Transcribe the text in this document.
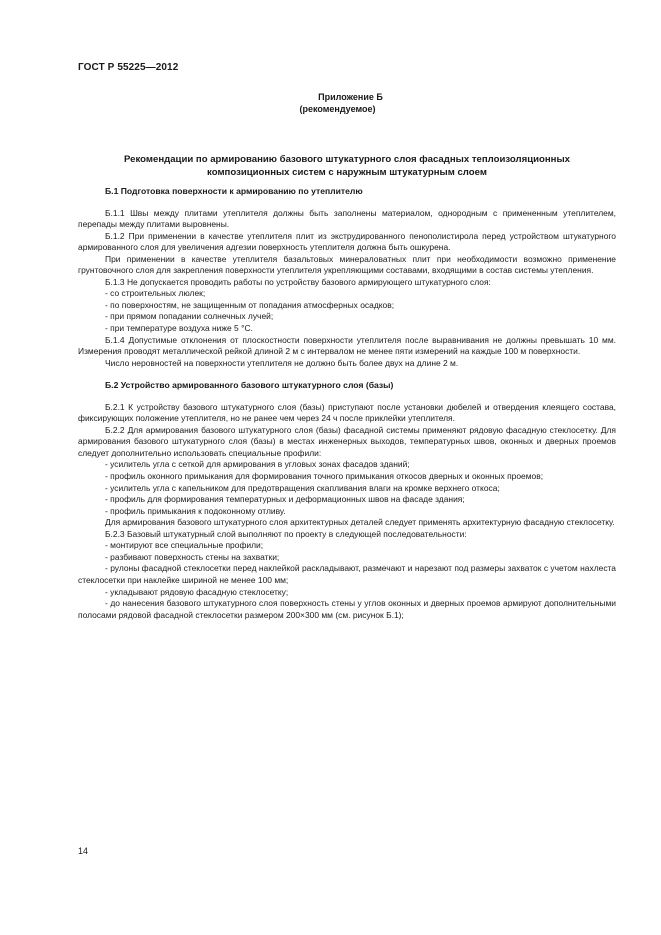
ГОСТ Р 55225—2012
Приложение Б
(рекомендуемое)
Рекомендации по армированию базового штукатурного слоя фасадных теплоизоляционных
композиционных систем с наружным штукатурным слоем
Б.1 Подготовка поверхности к армированию по утеплителю

Б.1.1 Швы между плитами утеплителя должны быть заполнены материалом, однородным с примененным утеплителем, перепады между плитами выровнены.

Б.1.2 При применении в качестве утеплителя плит из экструдированного пенополистирола перед устройством штукатурного армированного слоя для увеличения адгезии поверхность утеплителя должна быть ошкурена.

При применении в качестве утеплителя базальтовых минераловатных плит при необходимости возможно применение грунтовочного слоя для закрепления поверхности утеплителя укрепляющими составами, входящими в состав системы утепления.

Б.1.3 Не допускается проводить работы по устройству базового армирующего штукатурного слоя:

- со строительных люлек;

- по поверхностям, не защищенным от попадания атмосферных осадков;

- при прямом попадании солнечных лучей;

- при температуре воздуха ниже 5 °С.

Б.1.4 Допустимые отклонения от плоскостности поверхности утеплителя после выравнивания не должны превышать 10 мм. Измерения проводят металлической рейкой длиной 2 м с интервалом не менее пяти измерений на каждые 100 м поверхности.

Число неровностей на поверхности утеплителя не должно быть более двух на длине 2 м.

Б.2 Устройство армированного базового штукатурного слоя (базы)

Б.2.1 К устройству базового штукатурного слоя (базы) приступают после установки дюбелей и отвердения клеящего состава, фиксирующих положение утеплителя, но не ранее чем через 24 ч после приклейки утеплителя.

Б.2.2 Для армирования базового штукатурного слоя (базы) фасадной системы применяют рядовую фасадную стеклосетку. Для армирования базового штукатурного слоя (базы) в местах инженерных выходов, температурных швов, оконных и дверных проемов следует дополнительно использовать специальные профили:

- усилитель угла с сеткой для армирования в угловых зонах фасадов зданий;

- профиль оконного примыкания для формирования точного примыкания откосов дверных и оконных проемов;

- усилитель угла с капельником для предотвращения скапливания влаги на кромке верхнего откоса;

- профиль для формирования температурных и деформационных швов на фасаде здания;

- профиль примыкания к подоконному отливу.

Для армирования базового штукатурного слоя архитектурных деталей следует применять архитектурную фасадную стеклосетку.

Б.2.3 Базовый штукатурный слой выполняют по проекту в следующей последовательности:

- монтируют все специальные профили;

- разбивают поверхность стены на захватки;

- рулоны фасадной стеклосетки перед наклейкой раскладывают, размечают и нарезают под размеры захваток с учетом нахлеста стеклосетки при наклейке шириной не менее 100 мм;

- укладывают рядовую фасадную стеклосетку;

- до нанесения базового штукатурного слоя поверхность стены у углов оконных и дверных проемов армируют дополнительными полосами рядовой фасадной стеклосетки размером 200×300 мм (см. рисунок Б.1);

14
